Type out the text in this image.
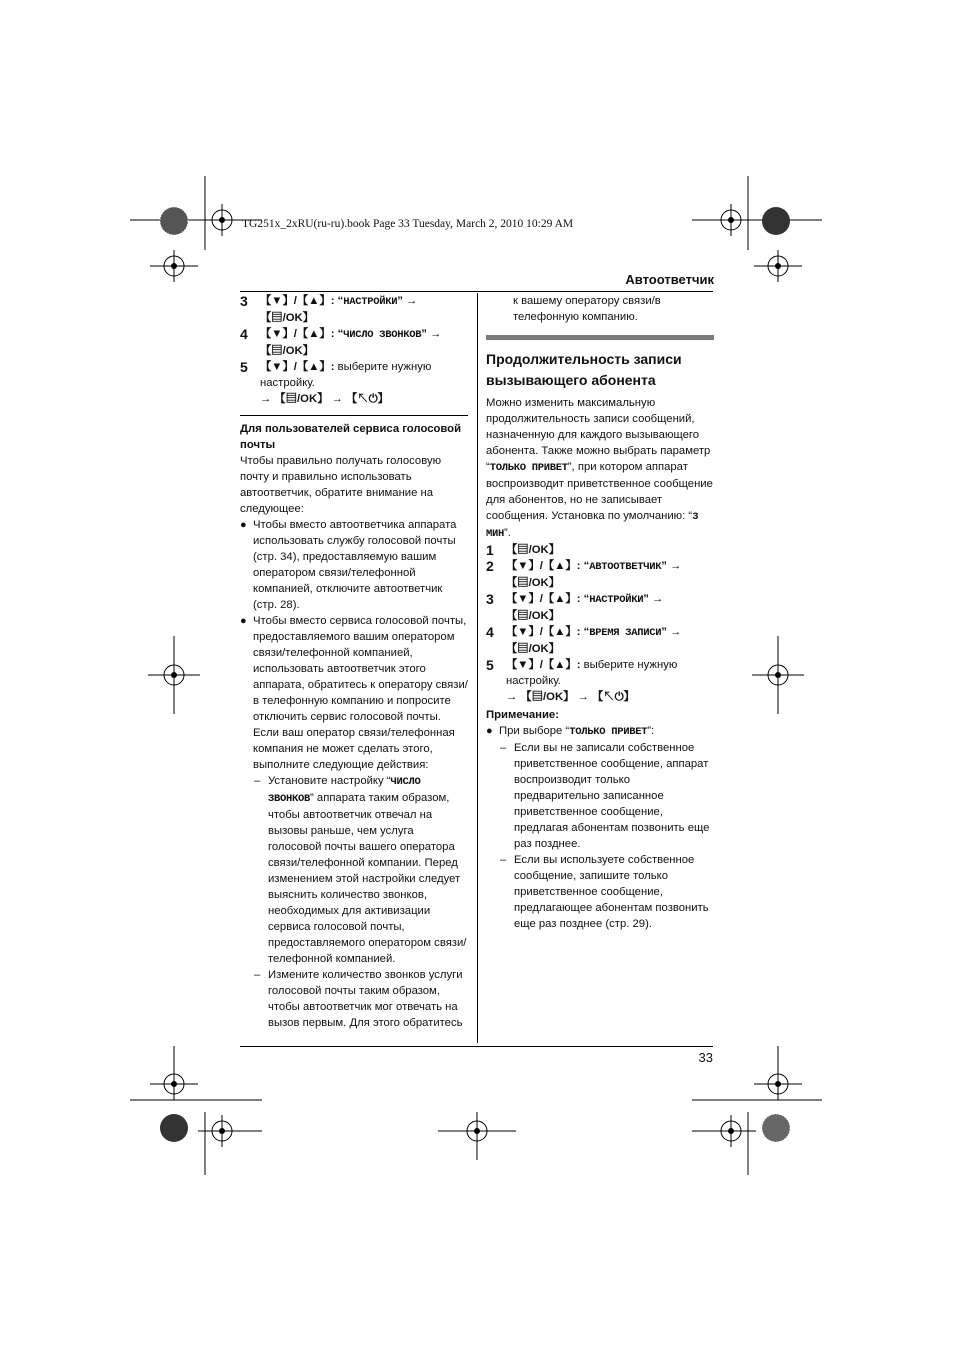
TG251x_2xRU(ru-ru).book Page 33 Tuesday, March 2, 2010 10:29 AM
Автоответчик
3	【▼】/【▲】: “НАСТРОЙКИ” → 【▤/OK】
4	【▼】/【▲】: “ЧИСЛО ЗВОНКОВ” → 【▤/OK】
5	【▼】/【▲】: выберите нужную настройку.
→ 【▤/OK】 → 【↖⏻】
Для пользователей сервиса голосовой почты
Чтобы правильно получать голосовую почту и правильно использовать автоответчик, обратите внимание на следующее:
● Чтобы вместо автоответчика аппарата использовать службу голосовой почты (стр. 34), предоставляемую вашим оператором связи/телефонной компанией, отключите автоответчик (стр. 28).
● Чтобы вместо сервиса голосовой почты, предоставляемого вашим оператором связи/телефонной компанией, использовать автоответчик этого аппарата, обратитесь к оператору связи/в телефонную компанию и попросите отключить сервис голосовой почты.
Если ваш оператор связи/телефонная компания не может сделать этого, выполните следующие действия:
– Установите настройку “ЧИСЛО ЗВОНКОВ” аппарата таким образом, чтобы автоответчик отвечал на вызовы раньше, чем услуга голосовой почты вашего оператора связи/телефонной компании. Перед изменением этой настройки следует выяснить количество звонков, необходимых для активизации сервиса голосовой почты, предоставляемого оператором связи/телефонной компанией.
– Измените количество звонков услуги голосовой почты таким образом, чтобы автоответчик мог отвечать на вызов первым. Для этого обратитесь
к вашему оператору связи/в телефонную компанию.
Продолжительность записи вызывающего абонента
Можно изменить максимальную продолжительность записи сообщений, назначенную для каждого вызывающего абонента. Также можно выбрать параметр “ТОЛЬКО ПРИВЕТ”, при котором аппарат воспроизводит приветственное сообщение для абонентов, но не записывает сообщения. Установка по умолчанию: “3 МИН”.
1	【▤/OK】
2	【▼】/【▲】: “АВТООТВЕТЧИК” → 【▤/OK】
3	【▼】/【▲】: “НАСТРОЙКИ” → 【▤/OK】
4	【▼】/【▲】: “ВРЕМЯ ЗАПИСИ” → 【▤/OK】
5	【▼】/【▲】: выберите нужную настройку.
→ 【▤/OK】 → 【↖⏻】
Примечание:
● При выборе “ТОЛЬКО ПРИВЕТ”:
– Если вы не записали собственное приветственное сообщение, аппарат воспроизводит только предварительно записанное приветственное сообщение, предлагая абонентам позвонить еще раз позднее.
– Если вы используете собственное сообщение, запишите только приветственное сообщение, предлагающее абонентам позвонить еще раз позднее (стр. 29).
33
